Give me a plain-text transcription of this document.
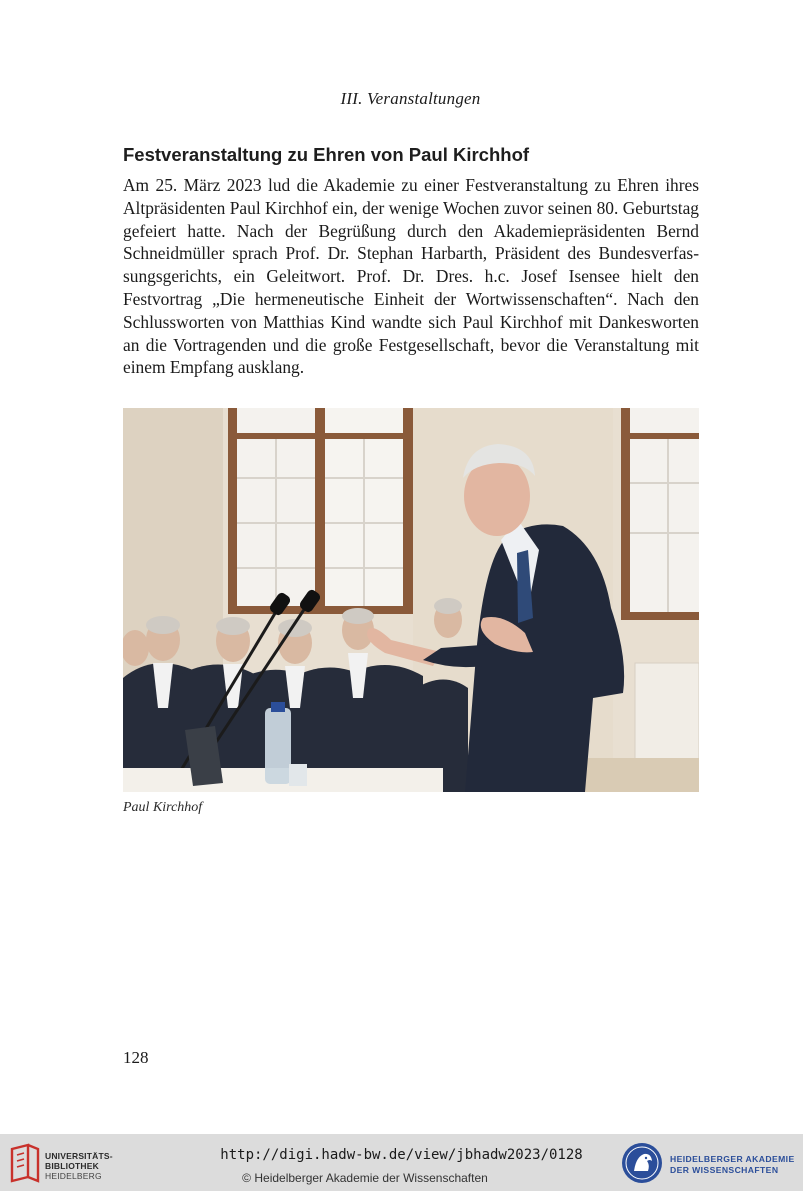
III. Veranstaltungen
Festveranstaltung zu Ehren von Paul Kirchhof

Am 25. März 2023 lud die Akademie zu einer Festveranstaltung zu Ehren ihres Altpräsidenten Paul Kirchhof ein, der wenige Wochen zuvor seinen 80. Geburtstag gefeiert hatte. Nach der Begrüßung durch den Akademiepräsidenten Bernd Schneidmüller sprach Prof. Dr. Stephan Harbarth, Präsident des Bundesverfassungsgerichts, ein Geleitwort. Prof. Dr. Dres. h.c. Josef Isensee hielt den Festvortrag „Die hermeneutische Einheit der Wortwissenschaften“. Nach den Schlussworten von Matthias Kind wandte sich Paul Kirchhof mit Dankesworten an die Vortragenden und die große Festgesellschaft, bevor die Veranstaltung mit einem Empfang ausklang.

Paul Kirchhof
128
UNIVERSITÄTS-
BIBLIOTHEK
HEIDELBERG
http://digi.hadw-bw.de/view/jbhadw2023/0128
© Heidelberger Akademie der Wissenschaften
HEIDELBERGER AKADEMIE
DER WISSENSCHAFTEN
